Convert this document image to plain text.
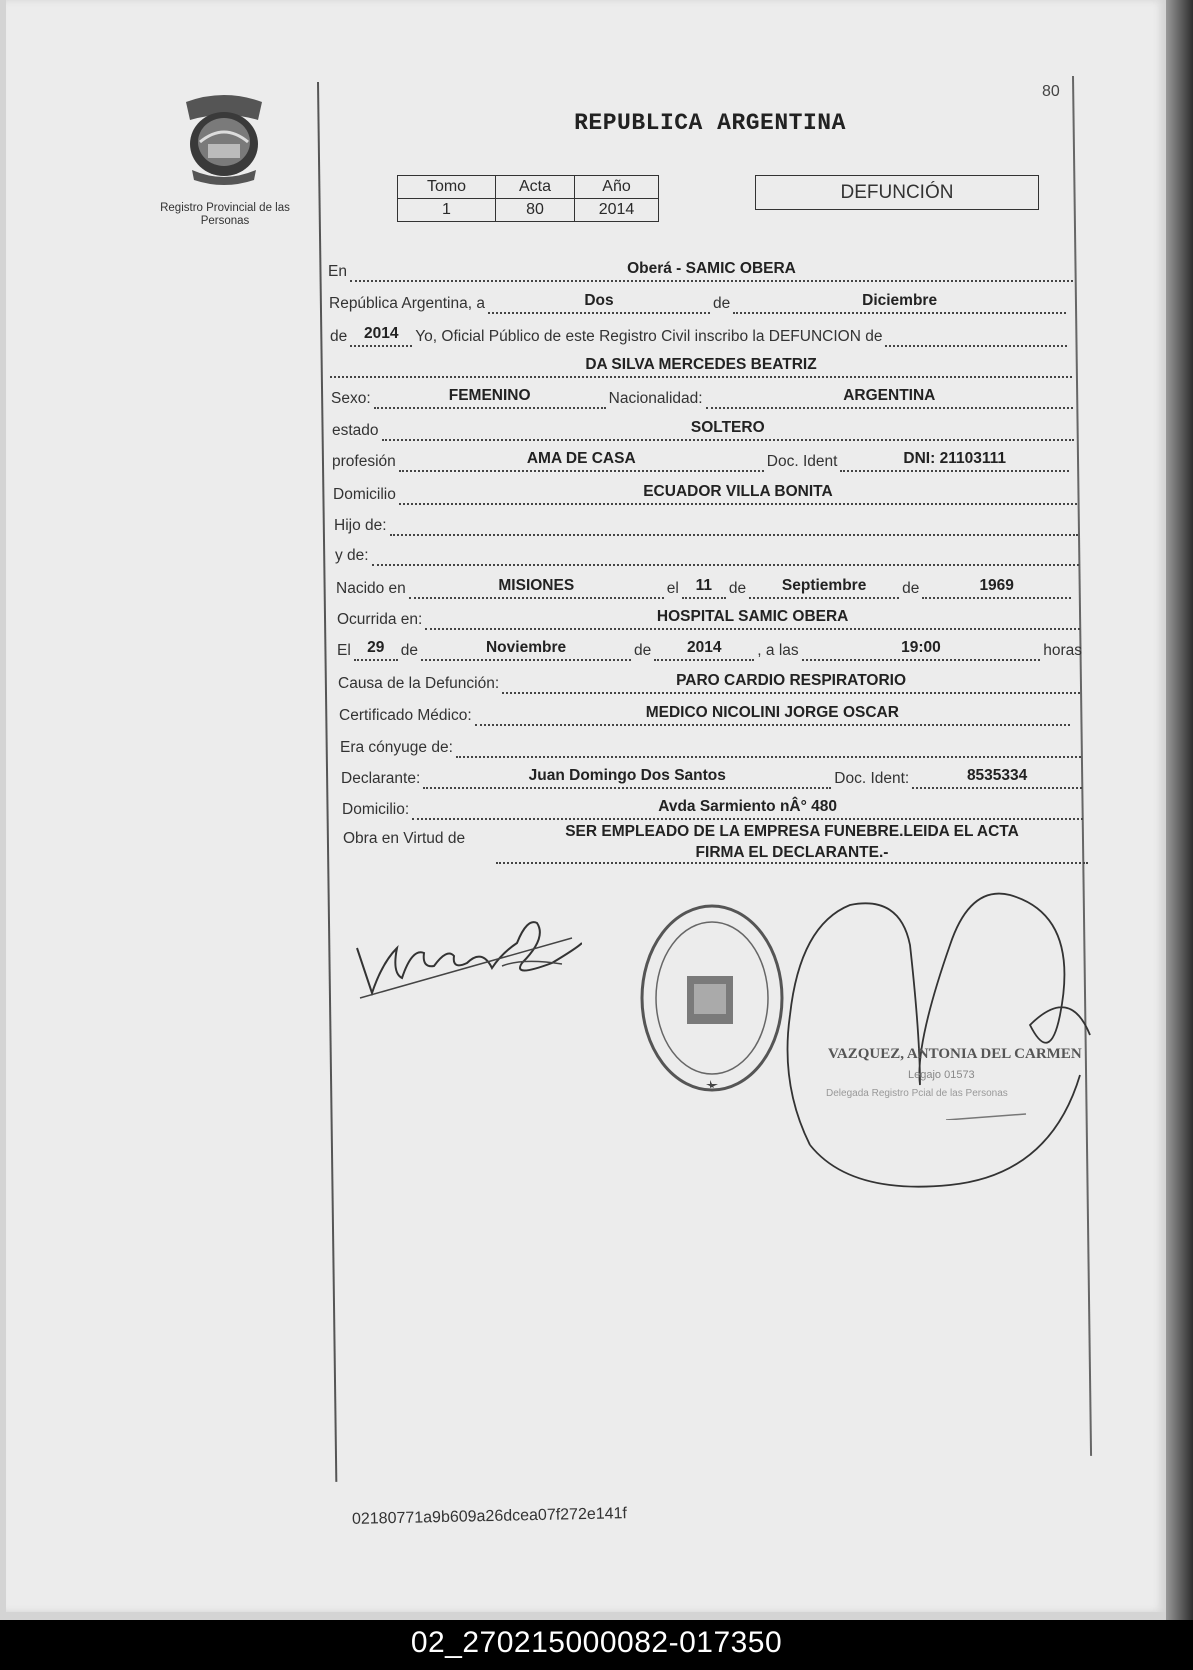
Registro Provincial de las Personas
80
REPUBLICA ARGENTINA
Tomo	Acta	Año
1	80	2014
DEFUNCIÓN
En	Oberá - SAMIC OBERA
República Argentina, a	Dos	de	Diciembre
de	2014	Yo, Oficial Público de este Registro Civil inscribo la DEFUNCION de
DA SILVA MERCEDES BEATRIZ
Sexo:	FEMENINO	Nacionalidad:	ARGENTINA
estado	SOLTERO
profesión	AMA DE CASA	Doc. Ident	DNI: 21103111
Domicilio	ECUADOR VILLA BONITA
Hijo de:
y de:
Nacido en	MISIONES	el	11	de	Septiembre	de	1969
Ocurrida en:	HOSPITAL SAMIC OBERA
El	29	de	Noviembre	de	2014	, a las	19:00	horas
Causa de la Defunción:	PARO CARDIO RESPIRATORIO
Certificado Médico:	MEDICO NICOLINI JORGE OSCAR
Era cónyuge de:
Declarante:	Juan Domingo Dos Santos	Doc. Ident:	8535334
Domicilio:	Avda Sarmiento nÂ° 480
Obra en Virtud de	SER EMPLEADO DE LA EMPRESA FUNEBRE.LEIDA EL ACTA
FIRMA EL DECLARANTE.-
VAZQUEZ, ANTONIA DEL CARMEN
Legajo 01573
Delegada Registro Pcial de las Personas
02180771a9b609a26dcea07f272e141f
02_270215000082-017350
